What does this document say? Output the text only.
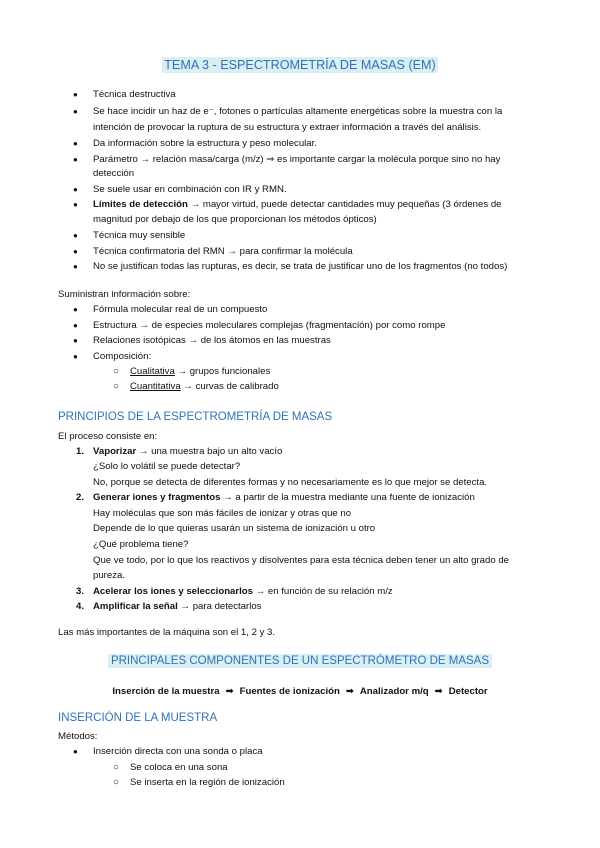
TEMA 3 - ESPECTROMETRÍA DE MASAS (EM)
● Técnica destructiva
● Se hace incidir un haz de e⁻, fotones o partículas altamente energéticas sobre la muestra con la
intención de provocar la ruptura de su estructura y extraer información a través del análisis.
● Da información sobre la estructura y peso molecular.
● Parámetro → relación masa/carga (m/z) ⇒ es importante cargar la molécula porque sino no hay
detección
● Se suele usar en combinación con IR y RMN.
● Límites de detección → mayor virtud, puede detectar cantidades muy pequeñas (3 órdenes de
magnitud por debajo de los que proporcionan los métodos ópticos)
● Técnica muy sensible
● Técnica confirmatoria del RMN → para confirmar la molécula
● No se justifican todas las rupturas, es decir, se trata de justificar uno de los fragmentos (no todos)
Suministran información sobre:
● Fórmula molecular real de un compuesto
● Estructura → de especies moleculares complejas (fragmentación) por como rompe
● Relaciones isotópicas → de los átomos en las muestras
● Composición:
○ Cualitativa → grupos funcionales
○ Cuantitativa → curvas de calibrado
PRINCIPIOS DE LA ESPECTROMETRÍA DE MASAS
El proceso consiste en:
1. Vaporizar → una muestra bajo un alto vacío
¿Solo lo volátil se puede detectar?
No, porque se detecta de diferentes formas y no necesariamente es lo que mejor se detecta.
2. Generar iones y fragmentos → a partir de la muestra mediante una fuente de ionización
Hay moléculas que son más fáciles de ionizar y otras que no
Depende de lo que quieras usarán un sistema de ionización u otro
¿Qué problema tiene?
Que ve todo, por lo que los reactivos y disolventes para esta técnica deben tener un alto grado de
pureza.
3. Acelerar los iones y seleccionarlos → en función de su relación m/z
4. Amplificar la señal → para detectarlos
Las más importantes de la máquina son el 1, 2 y 3.
PRINCIPALES COMPONENTES DE UN ESPECTRÓMETRO DE MASAS
Inserción de la muestra ➡ Fuentes de ionización ➡ Analizador m/q ➡ Detector
INSERCIÓN DE LA MUESTRA
Métodos:
● Inserción directa con una sonda o placa
○ Se coloca en una sona
○ Se inserta en la región de ionización
